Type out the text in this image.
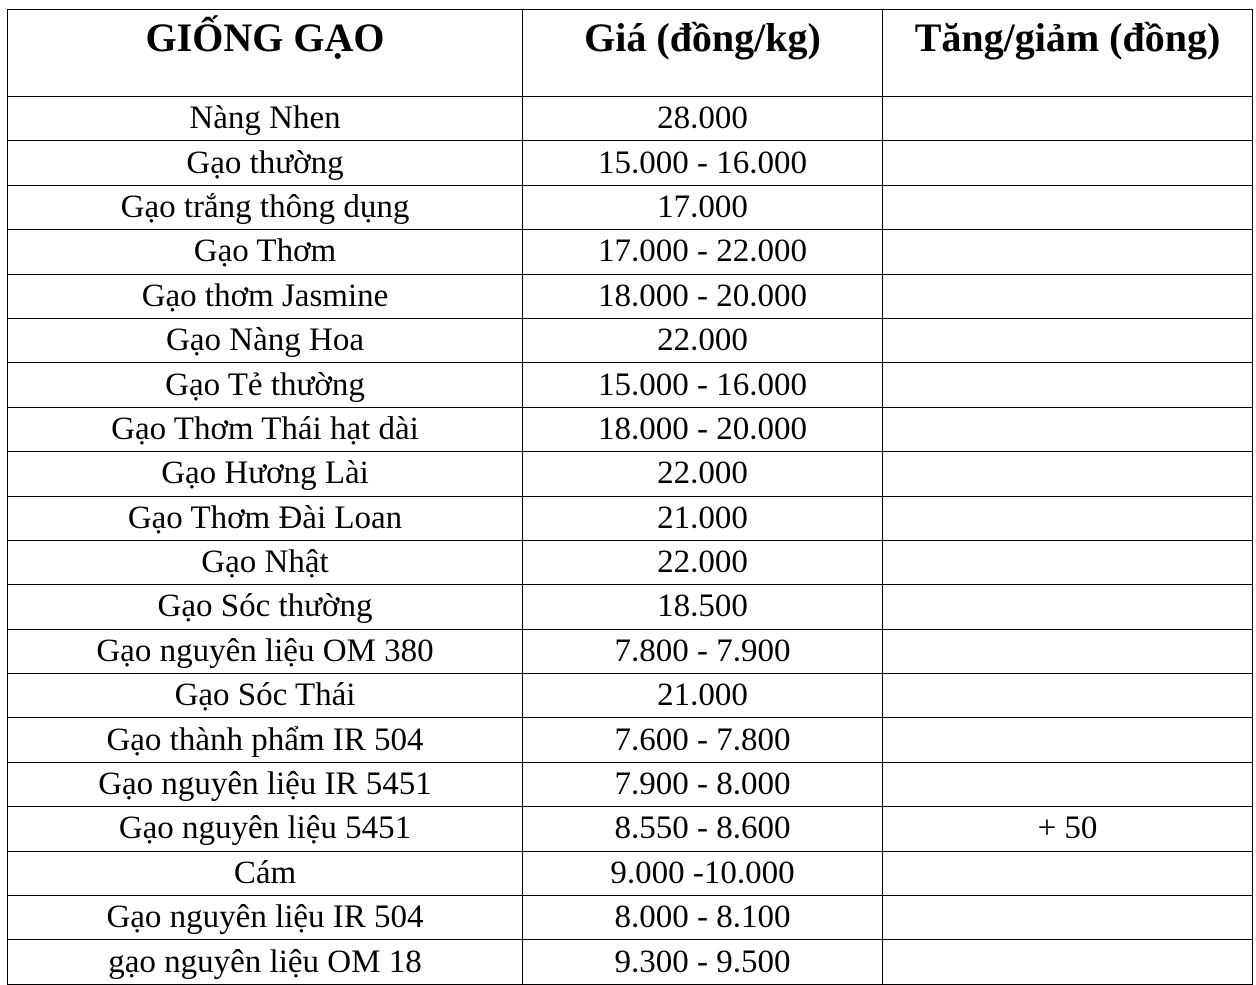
GIỐNG GẠO	Giá (đồng/kg)	Tăng/giảm (đồng)
Nàng Nhen	28.000	
Gạo thường	15.000 - 16.000	
Gạo trắng thông dụng	17.000	
Gạo Thơm	17.000 - 22.000	
Gạo thơm Jasmine	18.000 - 20.000	
Gạo Nàng Hoa	22.000	
Gạo Tẻ thường	15.000 - 16.000	
Gạo Thơm Thái hạt dài	18.000 - 20.000	
Gạo Hương Lài	22.000	
Gạo Thơm Đài Loan	21.000	
Gạo Nhật	22.000	
Gạo Sóc thường	18.500	
Gạo nguyên liệu OM 380	7.800 - 7.900	
Gạo Sóc Thái	21.000	
Gạo thành phẩm IR 504	7.600 - 7.800	
Gạo nguyên liệu IR 5451	7.900 - 8.000	
Gạo nguyên liệu 5451	8.550 - 8.600	+ 50
Cám	9.000 -10.000	
Gạo nguyên liệu IR 504	8.000 - 8.100	
gạo nguyên liệu OM 18	9.300 - 9.500	
